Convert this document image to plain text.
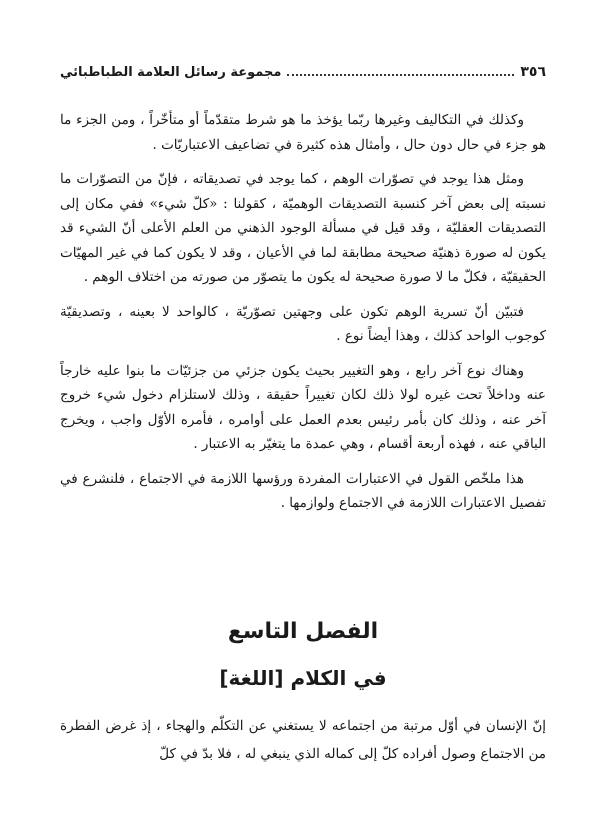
٣٥٦
مجموعة رسائل العلامة الطباطبائي

وكذلك في التكاليف وغيرها ربّما يؤخذ ما هو شرط متقدّماً أو متأخّراً ، ومن الجزء ما هو جزء في حال دون حال ، وأمثال هذه كثيرة في تضاعيف الاعتباريّات .

ومثل هذا يوجد في تصوّرات الوهم ، كما يوجد في تصديقاته ، فإنّ من التصوّرات ما نسبته إلى بعض آخر كنسبة التصديقات الوهميّة ، كقولنا : «كلّ شيء» ففي مكان إلى التصديقات العقليّة ، وقد قيل في مسألة الوجود الذهني من العلم الأعلى أنّ الشيء قد يكون له صورة ذهنيّة صحيحة مطابقة لما في الأعيان ، وقد لا يكون كما في غير المهيّات الحقيقيّة ، فكلّ ما لا صورة صحيحة له يكون ما يتصوّر من صورته من اختلاف الوهم .

فتبيّن أنّ تسرية الوهم تكون على وجهتين تصوّريّة ، كالواحد لا بعينه ، وتصديقيّة كوجوب الواحد كذلك ، وهذا أيضاً نوع .

وهناك نوع آخر رابع ، وهو التغيير بحيث يكون جزئي من جزئيّات ما بنوا عليه خارجاً عنه وداخلاً تحت غيره لولا ذلك لكان تغييراً حقيقة ، وذلك لاستلزام دخول شيء خروج آخر عنه ، وذلك كان بأمر رئيس بعدم العمل على أوامره ، فأمره الأوّل واجب ، ويخرج الباقي عنه ، فهذه أربعة أقسام ، وهي عمدة ما يتغيّر به الاعتبار .

هذا ملخّص القول في الاعتبارات المفردة ورؤسها اللازمة في الاجتماع ، فلنشرع في تفصيل الاعتبارات اللازمة في الاجتماع ولوازمها .

الفصل التاسع
في الكلام [اللغة]

إنّ الإنسان في أوّل مرتبة من اجتماعه لا يستغني عن التكلّم والهجاء ، إذ غرض الفطرة من الاجتماع وصول أفراده كلّ إلى كماله الذي ينبغي له ، فلا بدّ في كلّ
